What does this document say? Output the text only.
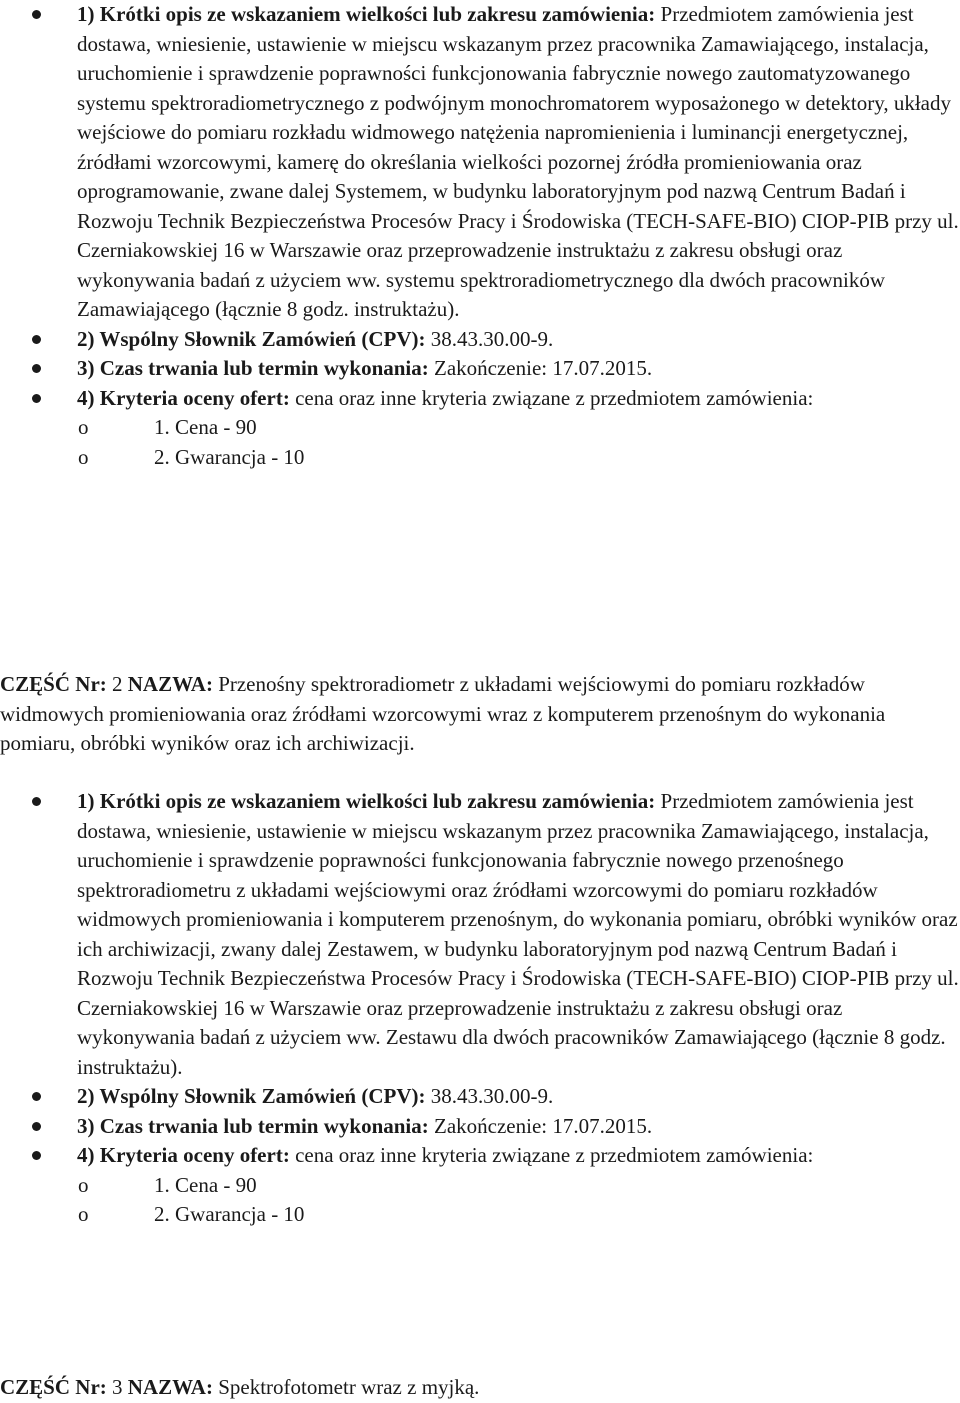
1) Krótki opis ze wskazaniem wielkości lub zakresu zamówienia: Przedmiotem zamówienia jest dostawa, wniesienie, ustawienie w miejscu wskazanym przez pracownika Zamawiającego, instalacja, uruchomienie i sprawdzenie poprawności funkcjonowania fabrycznie nowego zautomatyzowanego systemu spektroradiometrycznego z podwójnym monochromatorem wyposażonego w detektory, układy wejściowe do pomiaru rozkładu widmowego natężenia napromienienia i luminancji energetycznej, źródłami wzorcowymi, kamerę do określania wielkości pozornej źródła promieniowania oraz oprogramowanie, zwane dalej Systemem, w budynku laboratoryjnym pod nazwą Centrum Badań i Rozwoju Technik Bezpieczeństwa Procesów Pracy i Środowiska (TECH-SAFE-BIO) CIOP-PIB przy ul. Czerniakowskiej 16 w Warszawie oraz przeprowadzenie instruktażu z zakresu obsługi oraz wykonywania badań z użyciem ww. systemu spektroradiometrycznego dla dwóch pracowników Zamawiającego (łącznie 8 godz. instruktażu).
2) Wspólny Słownik Zamówień (CPV): 38.43.30.00-9.
3) Czas trwania lub termin wykonania: Zakończenie: 17.07.2015.
4) Kryteria oceny ofert: cena oraz inne kryteria związane z przedmiotem zamówienia:
o	1. Cena - 90
o	2. Gwarancja - 10
CZĘŚĆ Nr: 2 NAZWA: Przenośny spektroradiometr z układami wejściowymi do pomiaru rozkładów widmowych promieniowania oraz źródłami wzorcowymi wraz z komputerem przenośnym do wykonania pomiaru, obróbki wyników oraz ich archiwizacji.
1) Krótki opis ze wskazaniem wielkości lub zakresu zamówienia: Przedmiotem zamówienia jest dostawa, wniesienie, ustawienie w miejscu wskazanym przez pracownika Zamawiającego, instalacja, uruchomienie i sprawdzenie poprawności funkcjonowania fabrycznie nowego przenośnego spektroradiometru z układami wejściowymi oraz źródłami wzorcowymi do pomiaru rozkładów widmowych promieniowania i komputerem przenośnym, do wykonania pomiaru, obróbki wyników oraz ich archiwizacji, zwany dalej Zestawem, w budynku laboratoryjnym pod nazwą Centrum Badań i Rozwoju Technik Bezpieczeństwa Procesów Pracy i Środowiska (TECH-SAFE-BIO) CIOP-PIB przy ul. Czerniakowskiej 16 w Warszawie oraz przeprowadzenie instruktażu z zakresu obsługi oraz wykonywania badań z użyciem ww. Zestawu dla dwóch pracowników Zamawiającego (łącznie 8 godz. instruktażu).
2) Wspólny Słownik Zamówień (CPV): 38.43.30.00-9.
3) Czas trwania lub termin wykonania: Zakończenie: 17.07.2015.
4) Kryteria oceny ofert: cena oraz inne kryteria związane z przedmiotem zamówienia:
o	1. Cena - 90
o	2. Gwarancja - 10
CZĘŚĆ Nr: 3 NAZWA: Spektrofotometr wraz z myjką.
